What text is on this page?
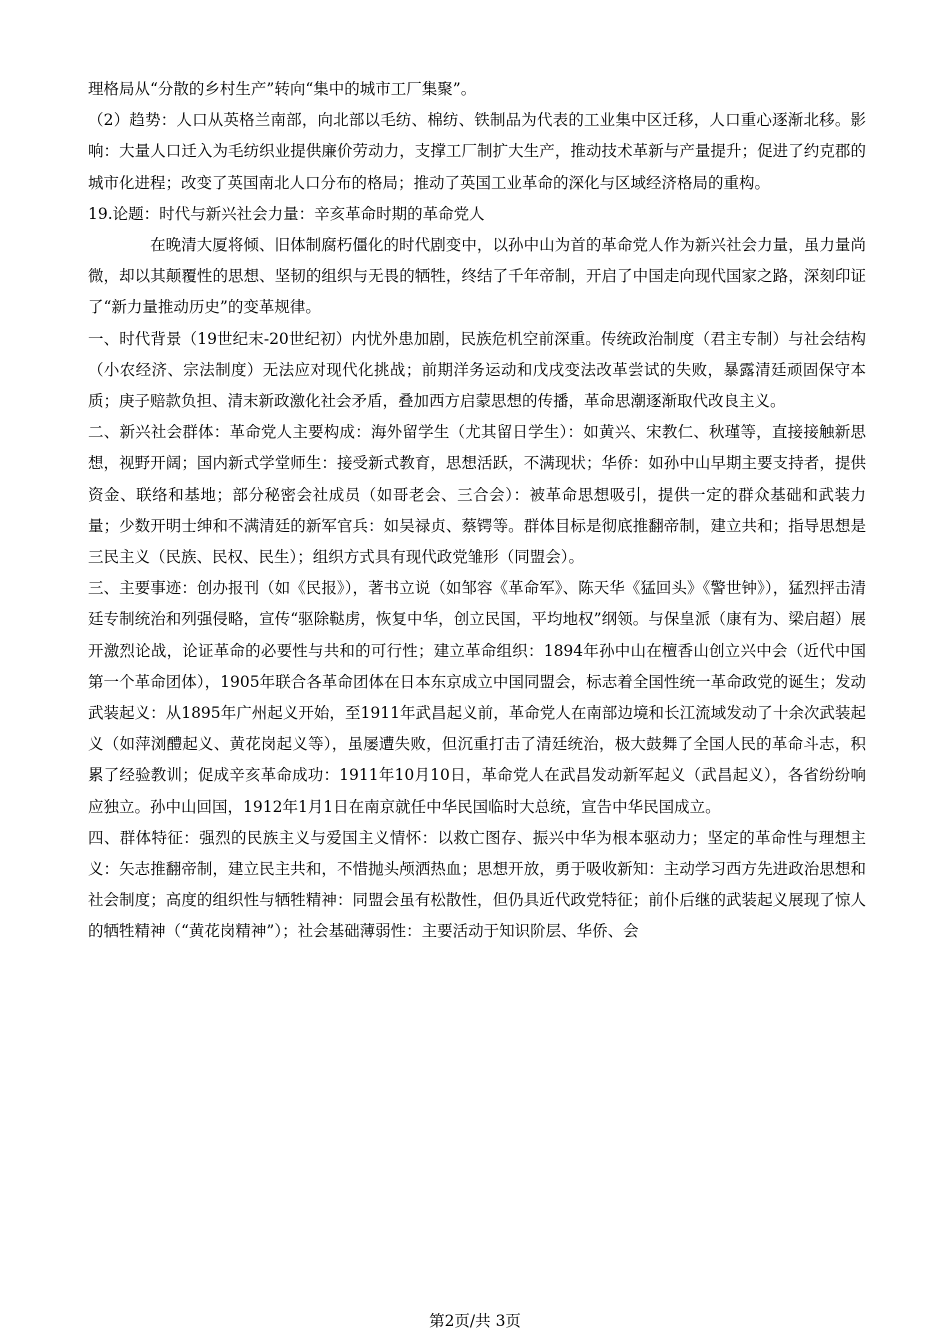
理格局从“分散的乡村生产”转向“集中的城市工厂集聚”。

（2）趋势：人口从英格兰南部，向北部以毛纺、棉纺、铁制品为代表的工业集中区迁移，人口重心逐渐北移。影响：大量人口迁入为毛纺织业提供廉价劳动力，支撑工厂制扩大生产，推动技术革新与产量提升；促进了约克郡的城市化进程；改变了英国南北人口分布的格局；推动了英国工业革命的深化与区域经济格局的重构。

19.论题：时代与新兴社会力量：辛亥革命时期的革命党人

在晚清大厦将倾、旧体制腐朽僵化的时代剧变中，以孙中山为首的革命党人作为新兴社会力量，虽力量尚微，却以其颠覆性的思想、坚韧的组织与无畏的牺牲，终结了千年帝制，开启了中国走向现代国家之路，深刻印证了“新力量推动历史”的变革规律。

一、时代背景（19世纪末-20世纪初）内忧外患加剧，民族危机空前深重。传统政治制度（君主专制）与社会结构（小农经济、宗法制度）无法应对现代化挑战；前期洋务运动和戊戌变法改革尝试的失败，暴露清廷顽固保守本质；庚子赔款负担、清末新政激化社会矛盾，叠加西方启蒙思想的传播，革命思潮逐渐取代改良主义。

二、新兴社会群体：革命党人主要构成：海外留学生（尤其留日学生）：如黄兴、宋教仁、秋瑾等，直接接触新思想，视野开阔；国内新式学堂师生：接受新式教育，思想活跃，不满现状；华侨：如孙中山早期主要支持者，提供资金、联络和基地；部分秘密会社成员（如哥老会、三合会）：被革命思想吸引，提供一定的群众基础和武装力量；少数开明士绅和不满清廷的新军官兵：如吴禄贞、蔡锷等。群体目标是彻底推翻帝制，建立共和；指导思想是 三民主义（民族、民权、民生）；组织方式具有现代政党雏形（同盟会）。

三、主要事迹：创办报刊（如《民报》），著书立说（如邹容《革命军》、陈天华《猛回头》《警世钟》），猛烈抨击清廷专制统治和列强侵略，宣传“驱除鞑虏，恢复中华，创立民国，平均地权”纲领。与保皇派（康有为、梁启超）展开激烈论战，论证革命的必要性与共和的可行性；建立革命组织：1894年孙中山在檀香山创立兴中会（近代中国第一个革命团体），1905年联合各革命团体在日本东京成立中国同盟会，标志着全国性统一革命政党的诞生；发动武装起义：从1895年广州起义开始，至1911年武昌起义前，革命党人在南部边境和长江流域发动了十余次武装起义（如萍浏醴起义、黄花岗起义等），虽屡遭失败，但沉重打击了清廷统治，极大鼓舞了全国人民的革命斗志，积累了经验教训；促成辛亥革命成功：1911年10月10日，革命党人在武昌发动新军起义（武昌起义），各省纷纷响应独立。孙中山回国，1912年1月1日在南京就任中华民国临时大总统，宣告中华民国成立。

四、群体特征：强烈的民族主义与爱国主义情怀：以救亡图存、振兴中华为根本驱动力；坚定的革命性与理想主义：矢志推翻帝制，建立民主共和，不惜抛头颅洒热血；思想开放，勇于吸收新知：主动学习西方先进政治思想和社会制度；高度的组织性与牺牲精神：同盟会虽有松散性，但仍具近代政党特征；前仆后继的武装起义展现了惊人的牺牲精神（“黄花岗精神”）；社会基础薄弱性：主要活动于知识阶层、华侨、会

第2页/共 3页
